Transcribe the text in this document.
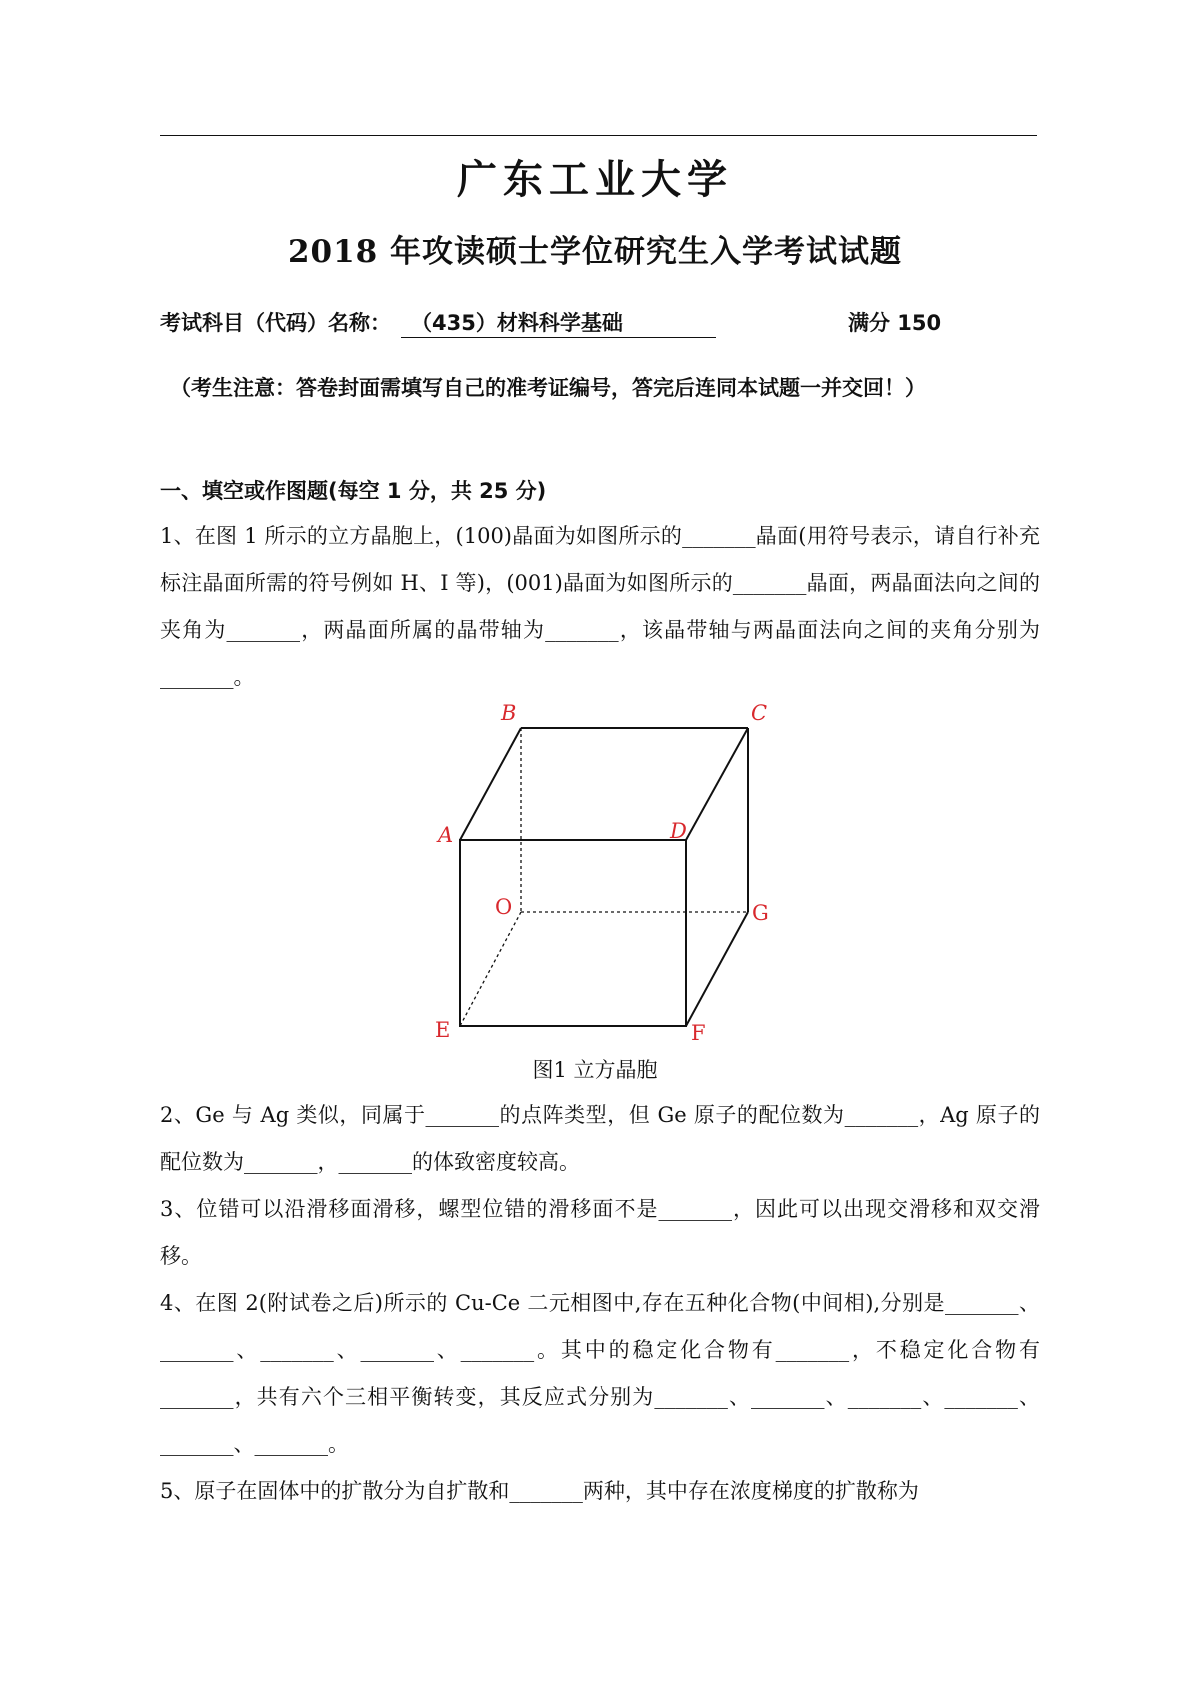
广东工业大学
2018 年攻读硕士学位研究生入学考试试题
考试科目（代码）名称： （435）材料科学基础	满分 150
（考生注意：答卷封面需填写自己的准考证编号，答完后连同本试题一并交回！）
一、填空或作图题(每空 1 分，共 25 分)
1、在图 1 所示的立方晶胞上，(100)晶面为如图所示的_______晶面(用符号表示，请自行补充标注晶面所需的符号例如 H、I 等)，(001)晶面为如图所示的_______晶面，两晶面法向之间的夹角为_______，两晶面所属的晶带轴为_______，该晶带轴与两晶面法向之间的夹角分别为_______。
B	C
A	D
O	G
E	F
图1 立方晶胞
2、Ge 与 Ag 类似，同属于_______的点阵类型，但 Ge 原子的配位数为_______，Ag 原子的配位数为_______，_______的体致密度较高。
3、位错可以沿滑移面滑移，螺型位错的滑移面不是_______，因此可以出现交滑移和双交滑移。
4、在图 2(附试卷之后)所示的 Cu-Ce 二元相图中,存在五种化合物(中间相),分别是_______、_______、_______、_______、_______。其中的稳定化合物有_______，不稳定化合物有_______，共有六个三相平衡转变，其反应式分别为_______、_______、_______、_______、_______、_______。
5、原子在固体中的扩散分为自扩散和_______两种，其中存在浓度梯度的扩散称为
